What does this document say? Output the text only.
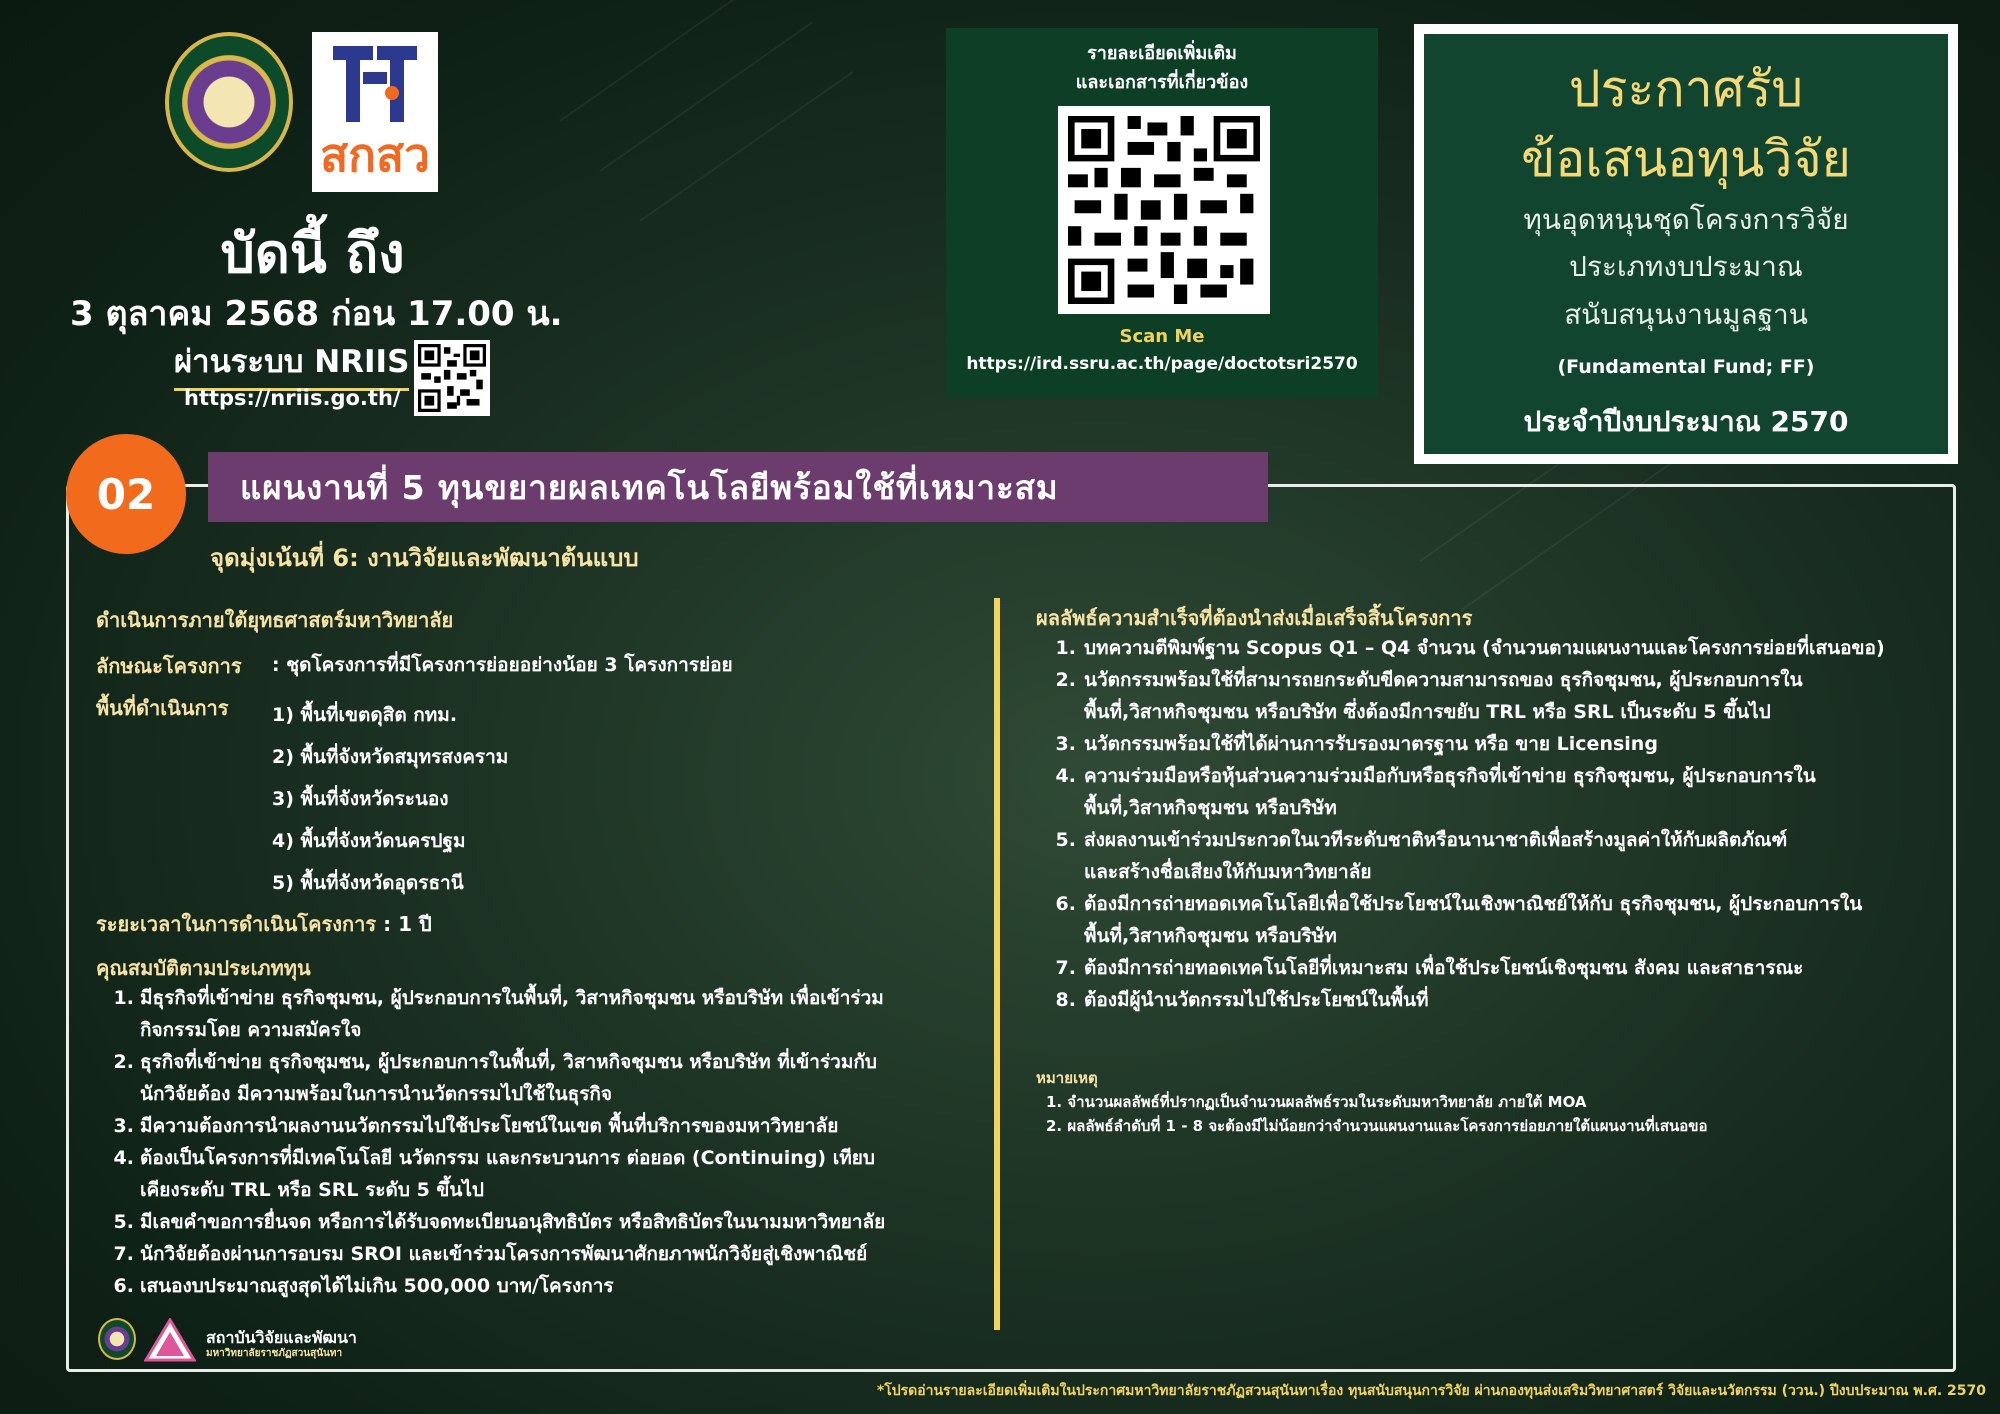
สกสว
บัดนี้ ถึง
3 ตุลาคม 2568 ก่อน 17.00 น.
ผ่านระบบ NRIIS
https://nriis.go.th/
รายละเอียดเพิ่มเติม
และเอกสารที่เกี่ยวข้อง
Scan Me
https://ird.ssru.ac.th/page/doctotsri2570
ประกาศรับ
ข้อเสนอทุนวิจัย
ทุนอุดหนุนชุดโครงการวิจัย
ประเภทงบประมาณ
สนับสนุนงานมูลฐาน
(Fundamental Fund; FF)
ประจำปีงบประมาณ 2570
02	แผนงานที่ 5 ทุนขยายผลเทคโนโลยีพร้อมใช้ที่เหมาะสม
จุดมุ่งเน้นที่ 6: งานวิจัยและพัฒนาต้นแบบ
ดำเนินการภายใต้ยุทธศาสตร์มหาวิทยาลัย
ลักษณะโครงการ : ชุดโครงการที่มีโครงการย่อยอย่างน้อย 3 โครงการย่อย
พื้นที่ดำเนินการ 1) พื้นที่เขตดุสิต กทม.
2) พื้นที่จังหวัดสมุทรสงคราม
3) พื้นที่จังหวัดระนอง
4) พื้นที่จังหวัดนครปฐม
5) พื้นที่จังหวัดอุดรธานี
ระยะเวลาในการดำเนินโครงการ : 1 ปี
คุณสมบัติตามประเภททุน
1. มีธุรกิจที่เข้าข่าย ธุรกิจชุมชน, ผู้ประกอบการในพื้นที่, วิสาหกิจชุมชน หรือบริษัท เพื่อเข้าร่วม
กิจกรรมโดย ความสมัครใจ
2. ธุรกิจที่เข้าข่าย ธุรกิจชุมชน, ผู้ประกอบการในพื้นที่, วิสาหกิจชุมชน หรือบริษัท ที่เข้าร่วมกับ
นักวิจัยต้อง มีความพร้อมในการนำนวัตกรรมไปใช้ในธุรกิจ
3. มีความต้องการนำผลงานนวัตกรรมไปใช้ประโยชน์ในเขต พื้นที่บริการของมหาวิทยาลัย
4. ต้องเป็นโครงการที่มีเทคโนโลยี นวัตกรรม และกระบวนการ ต่อยอด (Continuing) เทียบ
เคียงระดับ TRL หรือ SRL ระดับ 5 ขึ้นไป
5. มีเลขคำขอการยื่นจด หรือการได้รับจดทะเบียนอนุสิทธิบัตร หรือสิทธิบัตรในนามมหาวิทยาลัย
7. นักวิจัยต้องผ่านการอบรม SROI และเข้าร่วมโครงการพัฒนาศักยภาพนักวิจัยสู่เชิงพาณิชย์
6. เสนองบประมาณสูงสุดได้ไม่เกิน 500,000 บาท/โครงการ
ผลลัพธ์ความสำเร็จที่ต้องนำส่งเมื่อเสร็จสิ้นโครงการ
1. บทความตีพิมพ์ฐาน Scopus Q1 – Q4 จำนวน (จำนวนตามแผนงานและโครงการย่อยที่เสนอขอ)
2. นวัตกรรมพร้อมใช้ที่สามารถยกระดับขีดความสามารถของ ธุรกิจชุมชน, ผู้ประกอบการใน
พื้นที่,วิสาหกิจชุมชน หรือบริษัท ซึ่งต้องมีการขยับ TRL หรือ SRL เป็นระดับ 5 ขึ้นไป
3. นวัตกรรมพร้อมใช้ที่ได้ผ่านการรับรองมาตรฐาน หรือ ขาย Licensing
4. ความร่วมมือหรือหุ้นส่วนความร่วมมือกับหรือธุรกิจที่เข้าข่าย ธุรกิจชุมชน, ผู้ประกอบการใน
พื้นที่,วิสาหกิจชุมชน หรือบริษัท
5. ส่งผลงานเข้าร่วมประกวดในเวทีระดับชาติหรือนานาชาติเพื่อสร้างมูลค่าให้กับผลิตภัณฑ์
และสร้างชื่อเสียงให้กับมหาวิทยาลัย
6. ต้องมีการถ่ายทอดเทคโนโลยีเพื่อใช้ประโยชน์ในเชิงพาณิชย์ให้กับ ธุรกิจชุมชน, ผู้ประกอบการใน
พื้นที่,วิสาหกิจชุมชน หรือบริษัท
7. ต้องมีการถ่ายทอดเทคโนโลยีที่เหมาะสม เพื่อใช้ประโยชน์เชิงชุมชน สังคม และสาธารณะ
8. ต้องมีผู้นำนวัตกรรมไปใช้ประโยชน์ในพื้นที่
หมายเหตุ
1. จำนวนผลลัพธ์ที่ปรากฏเป็นจำนวนผลลัพธ์รวมในระดับมหาวิทยาลัย ภายใต้ MOA
2. ผลลัพธ์ลำดับที่ 1 - 8 จะต้องมีไม่น้อยกว่าจำนวนแผนงานและโครงการย่อยภายใต้แผนงานที่เสนอขอ
สถาบันวิจัยและพัฒนา
มหาวิทยาลัยราชภัฏสวนสุนันทา
*โปรดอ่านรายละเอียดเพิ่มเติมในประกาศมหาวิทยาลัยราชภัฏสวนสุนันทาเรื่อง ทุนสนับสนุนการวิจัย ผ่านกองทุนส่งเสริมวิทยาศาสตร์ วิจัยและนวัตกรรม (ววน.) ปีงบประมาณ พ.ศ. 2570
